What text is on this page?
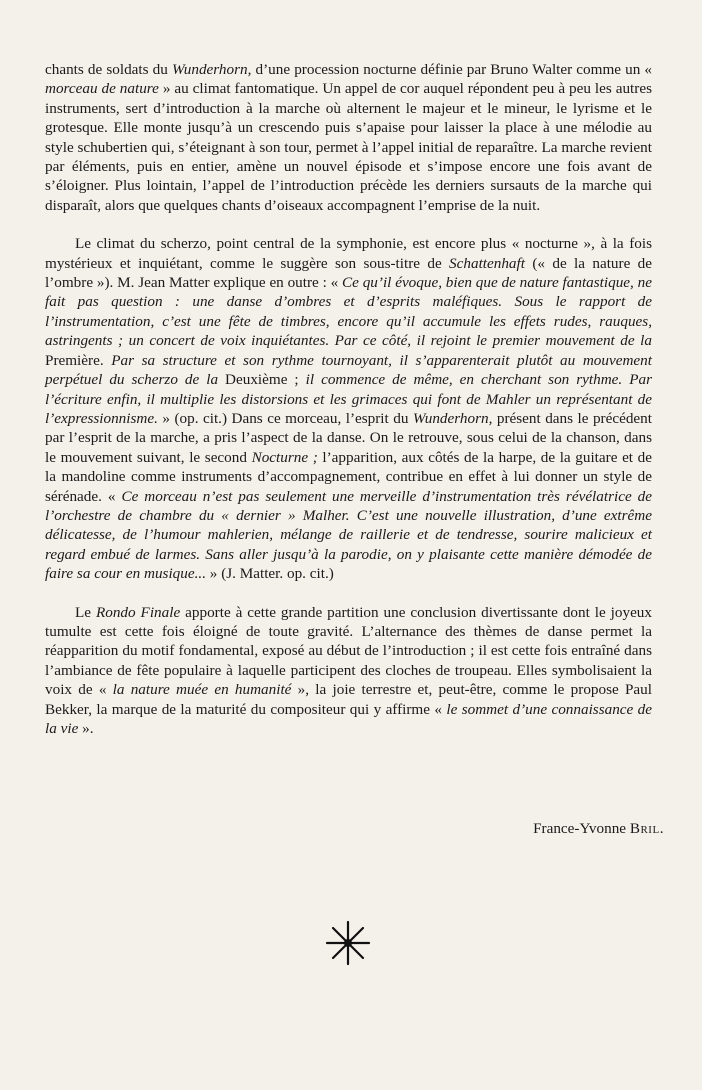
chants de soldats du Wunderhorn, d’une procession nocturne définie par Bruno Walter comme un « morceau de nature » au climat fantomatique. Un appel de cor auquel répondent peu à peu les autres instruments, sert d’introduction à la marche où alternent le majeur et le mineur, le lyrisme et le grotesque. Elle monte jusqu’à un crescendo puis s’apaise pour laisser la place à une mélodie au style schubertien qui, s’éteignant à son tour, permet à l’appel initial de reparaître. La marche revient par éléments, puis en entier, amène un nouvel épisode et s’impose encore une fois avant de s’éloigner. Plus lointain, l’appel de l’introduction précède les derniers sursauts de la marche qui disparaît, alors que quelques chants d’oiseaux accompagnent l’emprise de la nuit.

Le climat du scherzo, point central de la symphonie, est encore plus « nocturne », à la fois mystérieux et inquiétant, comme le suggère son sous-titre de Schattenhaft (« de la nature de l’ombre »). M. Jean Matter explique en outre : « Ce qu’il évoque, bien que de nature fantastique, ne fait pas question : une danse d’ombres et d’esprits maléfiques. Sous le rapport de l’instrumentation, c’est une fête de timbres, encore qu’il accumule les effets rudes, rauques, astringents ; un concert de voix inquiétantes. Par ce côté, il rejoint le premier mouvement de la Première. Par sa structure et son rythme tournoyant, il s’apparenterait plutôt au mouvement perpétuel du scherzo de la Deuxième ; il commence de même, en cherchant son rythme. Par l’écriture enfin, il multiplie les distorsions et les grimaces qui font de Mahler un représentant de l’expressionnisme. » (op. cit.) Dans ce morceau, l’esprit du Wunderhorn, présent dans le précédent par l’esprit de la marche, a pris l’aspect de la danse. On le retrouve, sous celui de la chanson, dans le mouvement suivant, le second Nocturne ; l’apparition, aux côtés de la harpe, de la guitare et de la mandoline comme instruments d’accompagnement, contribue en effet à lui donner un style de sérénade. « Ce morceau n’est pas seulement une merveille d’instrumentation très révélatrice de l’orchestre de chambre du « dernier » Malher. C’est une nouvelle illustration, d’une extrême délicatesse, de l’humour mahlerien, mélange de raillerie et de tendresse, sourire malicieux et regard embué de larmes. Sans aller jusqu’à la parodie, on y plaisante cette manière démodée de faire sa cour en musique... » (J. Matter. op. cit.)

Le Rondo Finale apporte à cette grande partition une conclusion divertissante dont le joyeux tumulte est cette fois éloigné de toute gravité. L’alternance des thèmes de danse permet la réapparition du motif fondamental, exposé au début de l’introduction ; il est cette fois entraîné dans l’ambiance de fête populaire à laquelle participent des cloches de troupeau. Elles symbolisaient la voix de « la nature muée en humanité », la joie terrestre et, peut-être, comme le propose Paul Bekker, la marque de la maturité du compositeur qui y affirme « le sommet d’une connaissance de la vie ».

France-Yvonne Bril.
